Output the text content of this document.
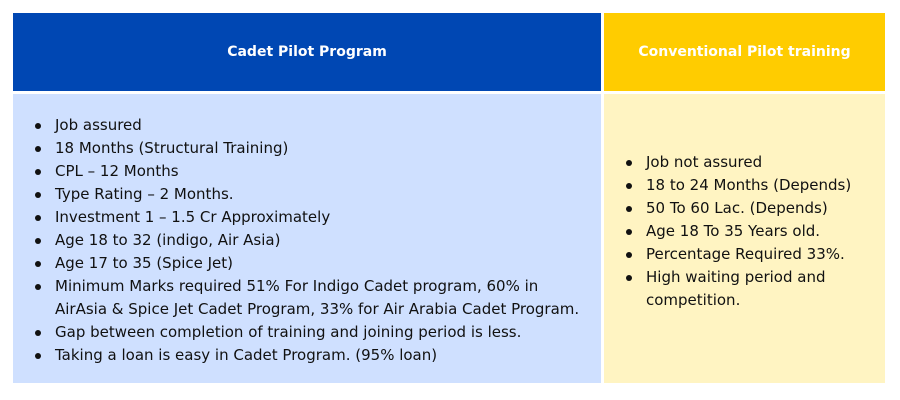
Cadet Pilot Program	Conventional Pilot training
Job assured
18 Months (Structural Training)
CPL – 12 Months
Type Rating – 2 Months.
Investment 1 – 1.5 Cr Approximately
Age 18 to 32 (indigo, Air Asia)
Age 17 to 35 (Spice Jet)
Minimum Marks required 51% For Indigo Cadet program, 60% in AirAsia & Spice Jet Cadet Program, 33% for Air Arabia Cadet Program.
Gap between completion of training and joining period is less.
Taking a loan is easy in Cadet Program. (95% loan)
Job not assured
18 to 24 Months (Depends)
50 To 60 Lac. (Depends)
Age 18 To 35 Years old.
Percentage Required 33%.
High waiting period and competition.
